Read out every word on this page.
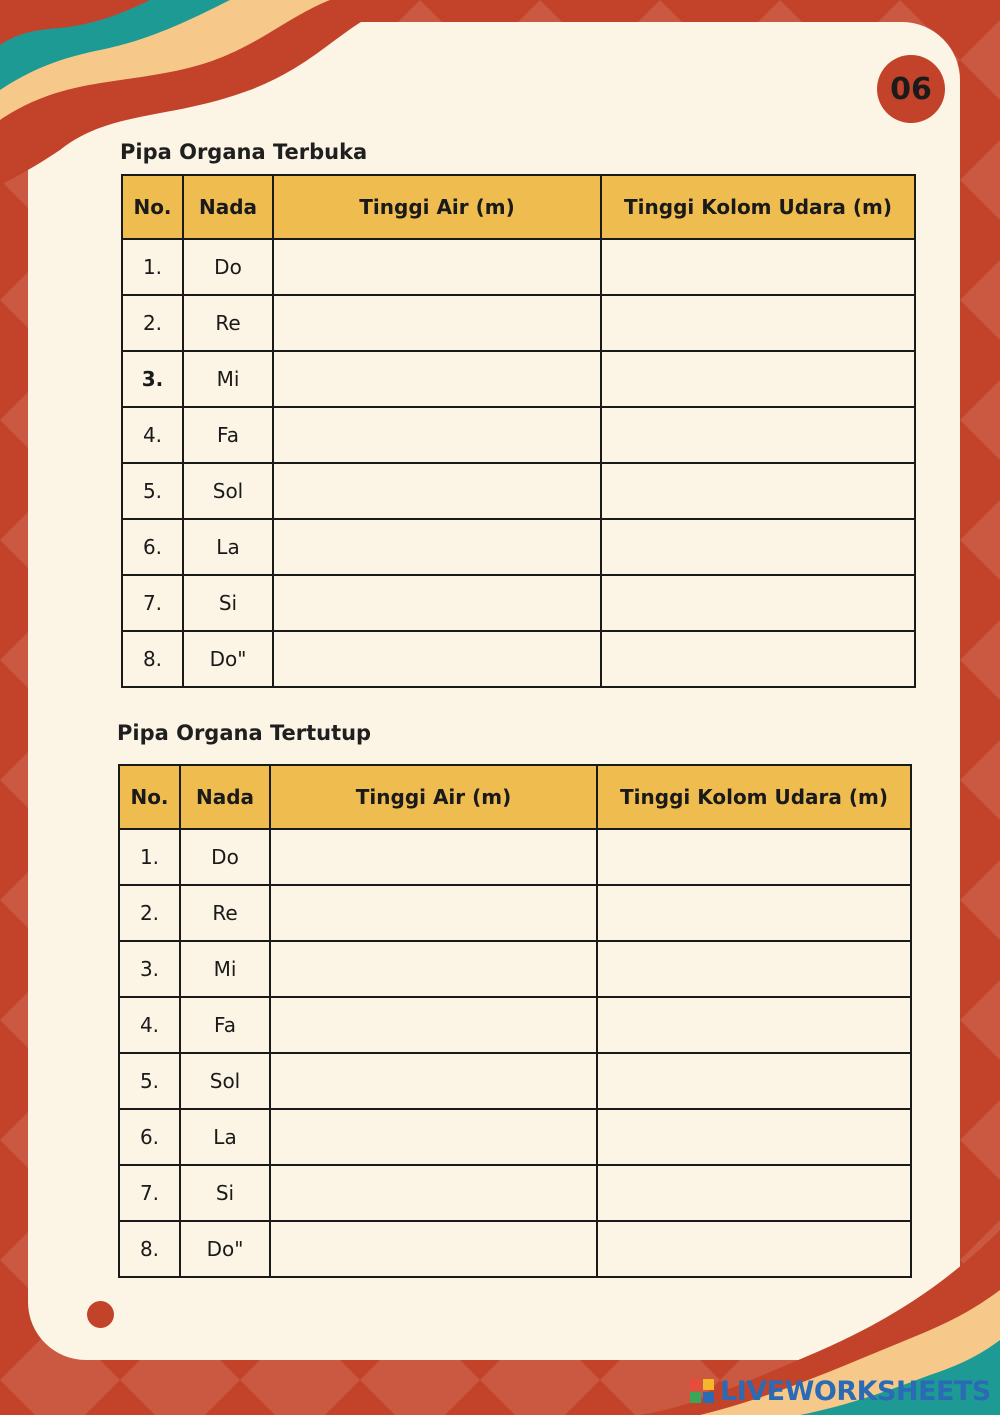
06
Pipa Organa Terbuka
No.	Nada	Tinggi Air (m)	Tinggi Kolom Udara (m)
1.	Do		
2.	Re		
3.	Mi		
4.	Fa		
5.	Sol		
6.	La		
7.	Si		
8.	Do"		
Pipa Organa Tertutup
No.	Nada	Tinggi Air (m)	Tinggi Kolom Udara (m)
1.	Do		
2.	Re		
3.	Mi		
4.	Fa		
5.	Sol		
6.	La		
7.	Si		
8.	Do"		
LIVEWORKSHEETS
